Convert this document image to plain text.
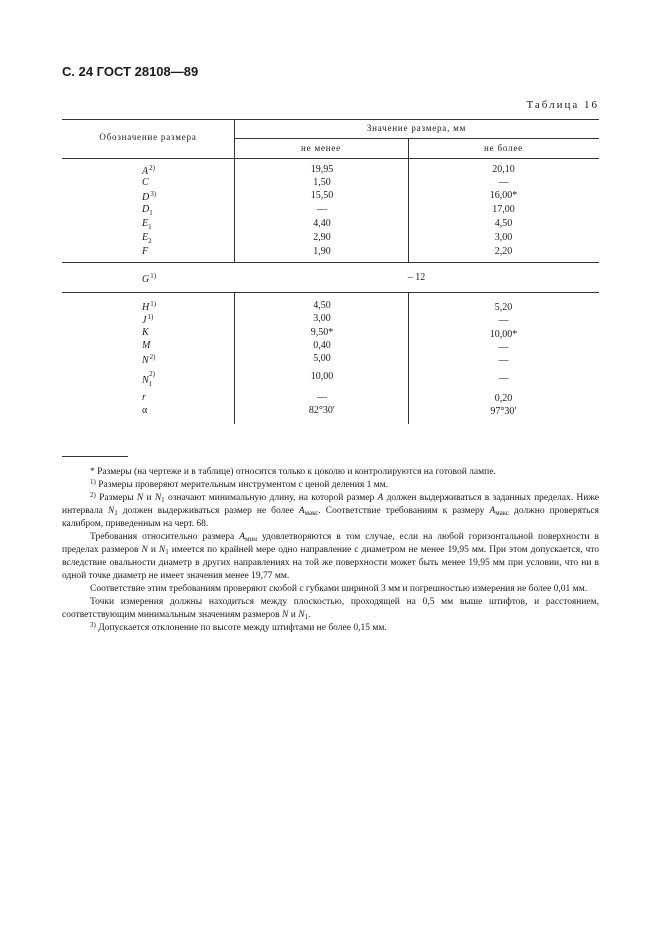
С. 24 ГОСТ 28108—89
Таблица 16
Обозначение размера
Значение размера, мм
не менее	не более
$A^{2)}$
C
$D^{3)}$
$D_1$
$E_1$
$E_2$
F
$G^{1)}$
$H^{1)}$
$J^{1)}$
K
M
$N^{2)}$
$N_1^{2)}$
r
α
19,95
1,50
15,50
—
4,40
2,90
1,90
– 12
4,50
3,00
9,50*
0,40
5,00
10,00
—
82°30′
20,10
—
16,00*
17,00
4,50
3,00
2,20
5,20
—
10,00*
—
—
—
0,20
97°30′

* Размеры (на чертеже и в таблице) относятся только к цоколю и контролируются на готовой лампе.

$^{1)}$ Размеры проверяют мерительным инструментом с ценой деления 1 мм.

$^{2)}$ Размеры N и $N_1$ означают минимальную длину, на которой размер A должен выдерживаться в заданных пределах. Ниже интервала $N_1$ должен выдерживаться размер не более $A_{макс}$. Соответствие требованиям к размеру $A_{макс}$ должно проверяться калибром, приведенным на черт. 68.

Требования относительно размера $A_{мин}$ удовлетворяются в том случае, если на любой горизонтальной поверхности в пределах размеров N и $N_1$ имеется по крайней мере одно направление с диаметром не менее 19,95 мм. При этом допускается, что вследствие овальности диаметр в других направлениях на той же поверхности может быть менее 19,95 мм при условии, что ни в одной точке диаметр не имеет значения менее 19,77 мм.

Соответствие этим требованиям проверяют скобой с губками шириной 3 мм и погрешностью измерения не более 0,01 мм.

Точки измерения должны находиться между плоскостью, проходящей на 0,5 мм выше штифтов, и расстоянием, соответствующим минимальным значениям размеров N и $N_1$.

$^{3)}$ Допускается отклонение по высоте между штифтами не более 0,15 мм.
